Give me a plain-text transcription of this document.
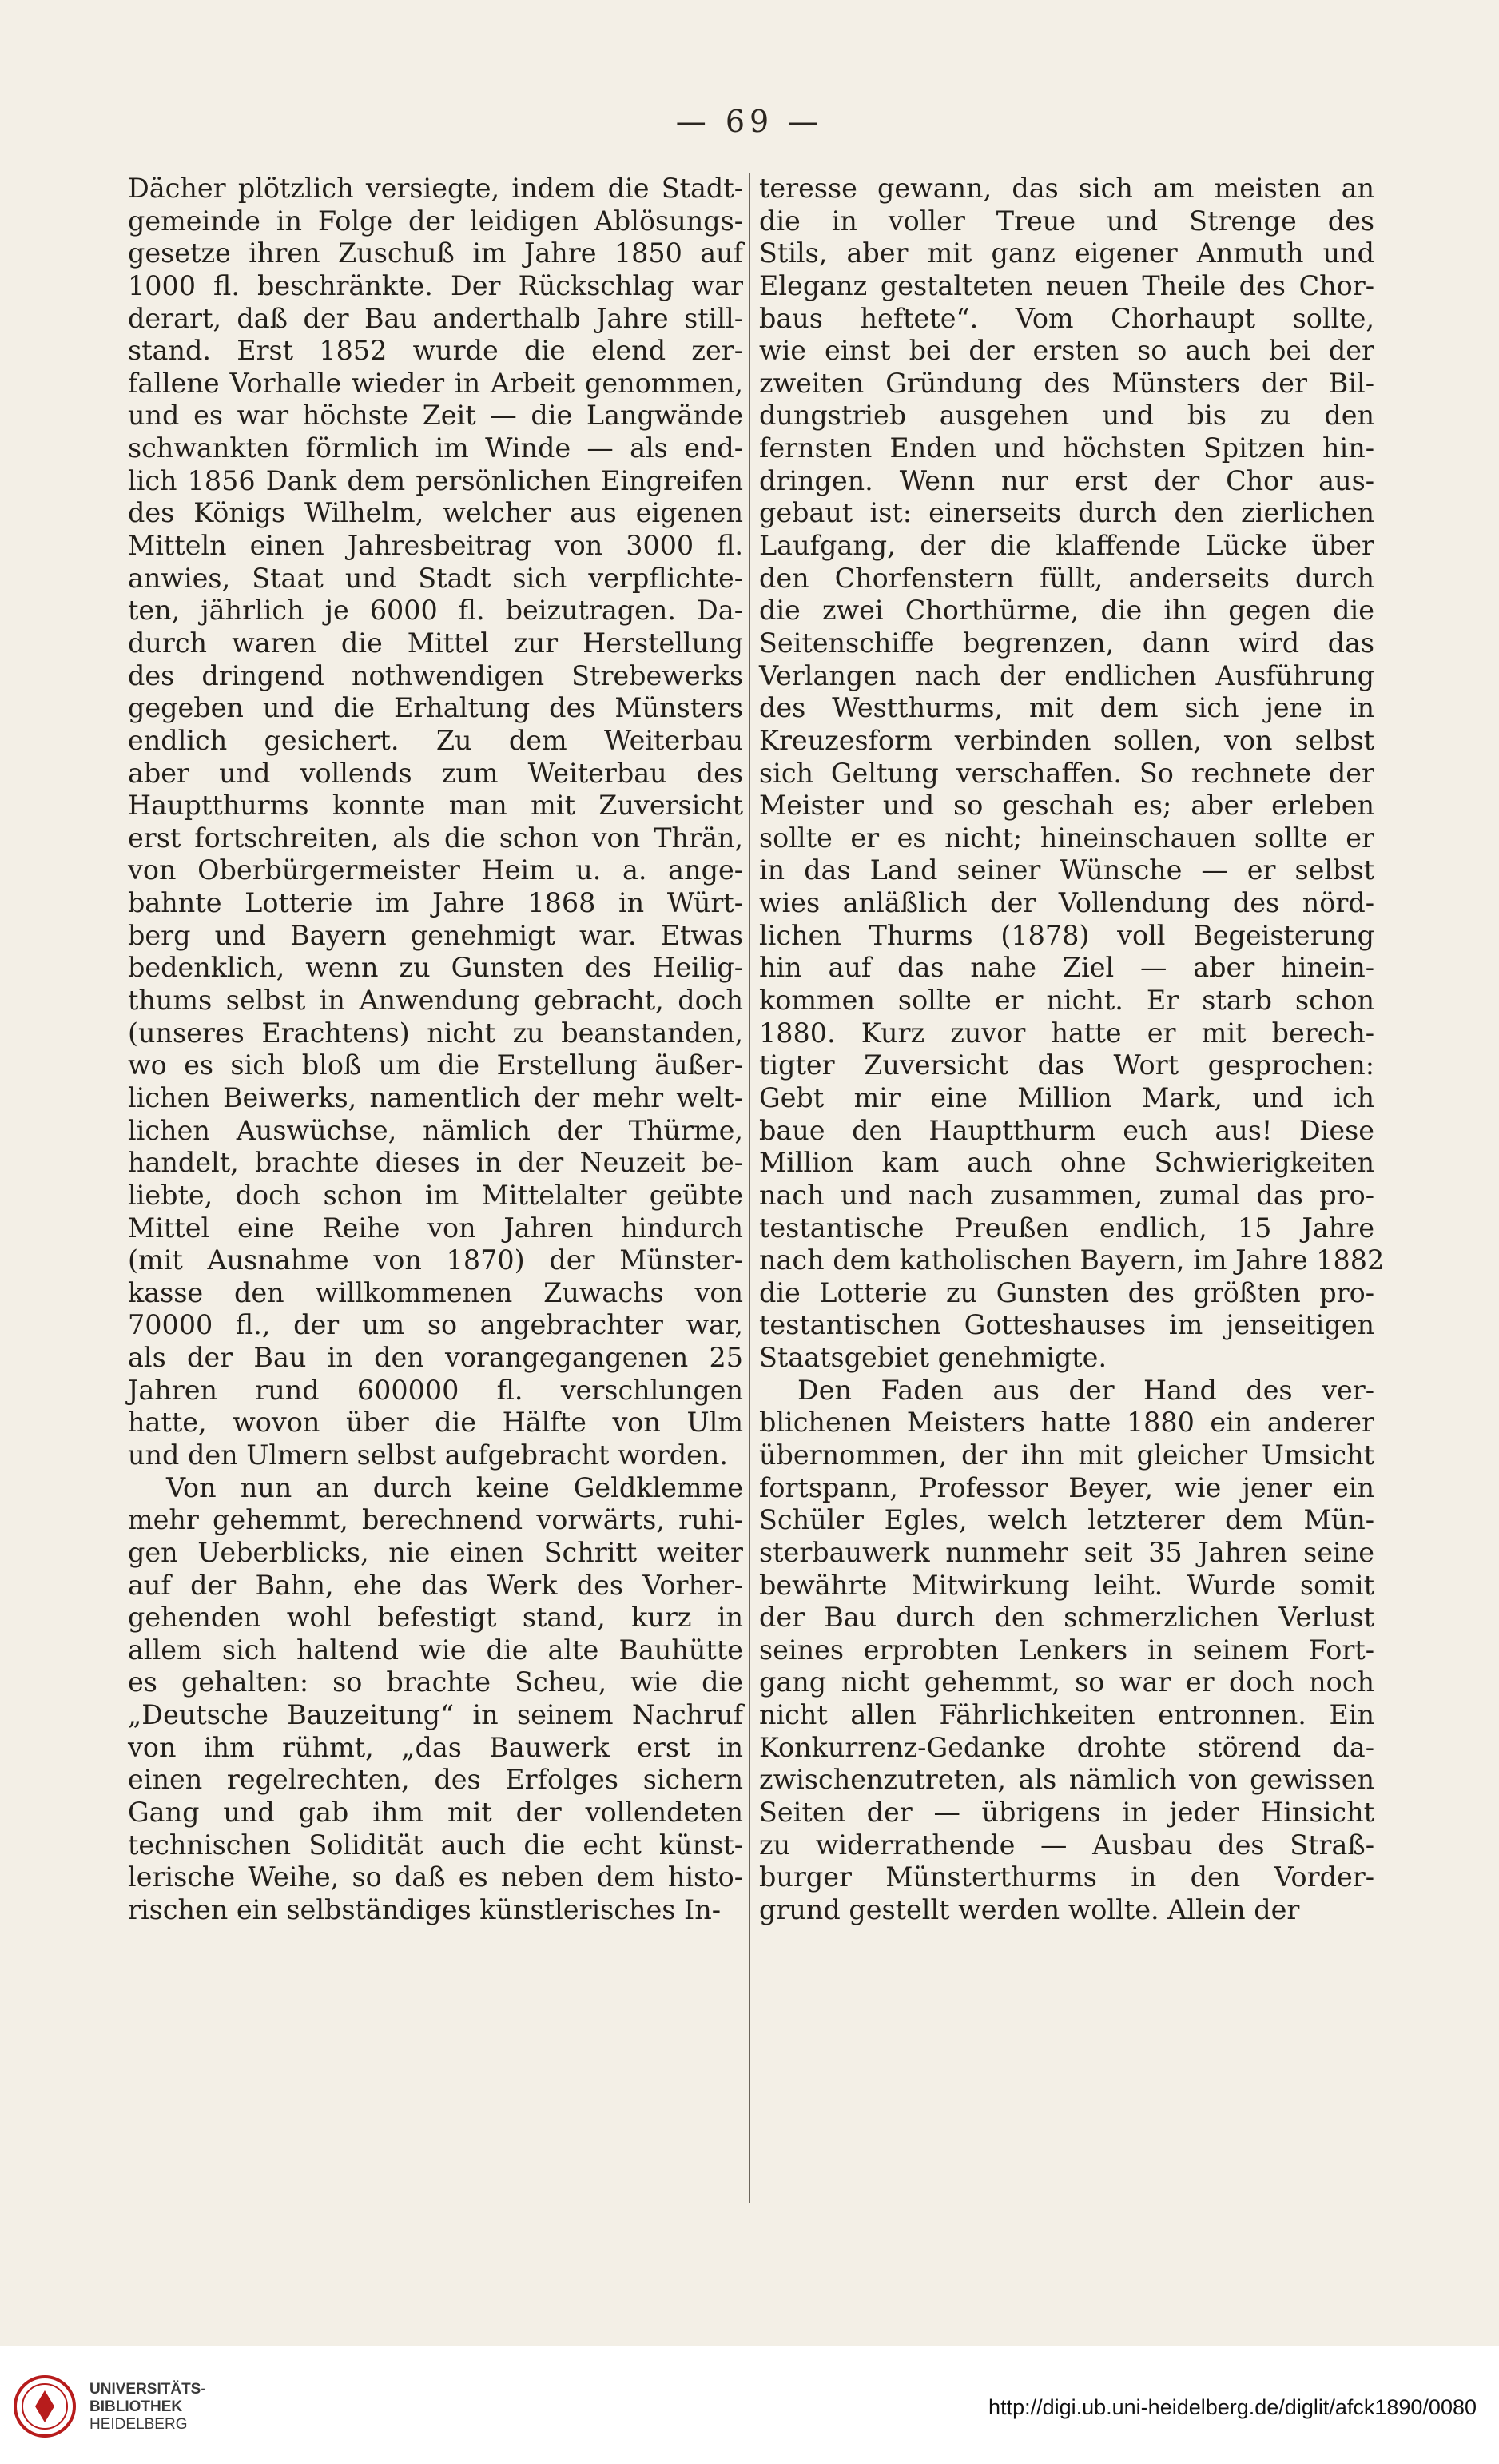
— 69 —
Dächer plötzlich versiegte, indem die Stadt-
gemeinde in Folge der leidigen Ablösungs-
gesetze ihren Zuschuß im Jahre 1850 auf
1000 fl. beschränkte. Der Rückschlag war
derart, daß der Bau anderthalb Jahre still-
stand. Erst 1852 wurde die elend zer-
fallene Vorhalle wieder in Arbeit genommen,
und es war höchste Zeit — die Langwände
schwankten förmlich im Winde — als end-
lich 1856 Dank dem persönlichen Eingreifen
des Königs Wilhelm, welcher aus eigenen
Mitteln einen Jahresbeitrag von 3000 fl.
anwies, Staat und Stadt sich verpflichte-
ten, jährlich je 6000 fl. beizutragen. Da-
durch waren die Mittel zur Herstellung
des dringend nothwendigen Strebewerks
gegeben und die Erhaltung des Münsters
endlich gesichert. Zu dem Weiterbau
aber und vollends zum Weiterbau des
Hauptthurms konnte man mit Zuversicht
erst fortschreiten, als die schon von Thrän,
von Oberbürgermeister Heim u. a. ange-
bahnte Lotterie im Jahre 1868 in Würt-
berg und Bayern genehmigt war. Etwas
bedenklich, wenn zu Gunsten des Heilig-
thums selbst in Anwendung gebracht, doch
(unseres Erachtens) nicht zu beanstanden,
wo es sich bloß um die Erstellung äußer-
lichen Beiwerks, namentlich der mehr welt-
lichen Auswüchse, nämlich der Thürme,
handelt, brachte dieses in der Neuzeit be-
liebte, doch schon im Mittelalter geübte
Mittel eine Reihe von Jahren hindurch
(mit Ausnahme von 1870) der Münster-
kasse den willkommenen Zuwachs von
70000 fl., der um so angebrachter war,
als der Bau in den vorangegangenen 25
Jahren rund 600000 fl. verschlungen
hatte, wovon über die Hälfte von Ulm
und den Ulmern selbst aufgebracht worden.
Von nun an durch keine Geldklemme
mehr gehemmt, berechnend vorwärts, ruhi-
gen Ueberblicks, nie einen Schritt weiter
auf der Bahn, ehe das Werk des Vorher-
gehenden wohl befestigt stand, kurz in
allem sich haltend wie die alte Bauhütte
es gehalten: so brachte Scheu, wie die
„Deutsche Bauzeitung“ in seinem Nachruf
von ihm rühmt, „das Bauwerk erst in
einen regelrechten, des Erfolges sichern
Gang und gab ihm mit der vollendeten
technischen Solidität auch die echt künst-
lerische Weihe, so daß es neben dem histo-
rischen ein selbständiges künstlerisches In-
teresse gewann, das sich am meisten an
die in voller Treue und Strenge des
Stils, aber mit ganz eigener Anmuth und
Eleganz gestalteten neuen Theile des Chor-
baus heftete“. Vom Chorhaupt sollte,
wie einst bei der ersten so auch bei der
zweiten Gründung des Münsters der Bil-
dungstrieb ausgehen und bis zu den
fernsten Enden und höchsten Spitzen hin-
dringen. Wenn nur erst der Chor aus-
gebaut ist: einerseits durch den zierlichen
Laufgang, der die klaffende Lücke über
den Chorfenstern füllt, anderseits durch
die zwei Chorthürme, die ihn gegen die
Seitenschiffe begrenzen, dann wird das
Verlangen nach der endlichen Ausführung
des Westthurms, mit dem sich jene in
Kreuzesform verbinden sollen, von selbst
sich Geltung verschaffen. So rechnete der
Meister und so geschah es; aber erleben
sollte er es nicht; hineinschauen sollte er
in das Land seiner Wünsche — er selbst
wies anläßlich der Vollendung des nörd-
lichen Thurms (1878) voll Begeisterung
hin auf das nahe Ziel — aber hinein-
kommen sollte er nicht. Er starb schon
1880. Kurz zuvor hatte er mit berech-
tigter Zuversicht das Wort gesprochen:
Gebt mir eine Million Mark, und ich
baue den Hauptthurm euch aus! Diese
Million kam auch ohne Schwierigkeiten
nach und nach zusammen, zumal das pro-
testantische Preußen endlich, 15 Jahre
nach dem katholischen Bayern, im Jahre 1882
die Lotterie zu Gunsten des größten pro-
testantischen Gotteshauses im jenseitigen
Staatsgebiet genehmigte.
Den Faden aus der Hand des ver-
blichenen Meisters hatte 1880 ein anderer
übernommen, der ihn mit gleicher Umsicht
fortspann, Professor Beyer, wie jener ein
Schüler Egles, welch letzterer dem Mün-
sterbauwerk nunmehr seit 35 Jahren seine
bewährte Mitwirkung leiht. Wurde somit
der Bau durch den schmerzlichen Verlust
seines erprobten Lenkers in seinem Fort-
gang nicht gehemmt, so war er doch noch
nicht allen Fährlichkeiten entronnen. Ein
Konkurrenz-Gedanke drohte störend da-
zwischenzutreten, als nämlich von gewissen
Seiten der — übrigens in jeder Hinsicht
zu widerrathende — Ausbau des Straß-
burger Münsterthurms in den Vorder-
grund gestellt werden wollte. Allein der
UNIVERSITÄTS-
BIBLIOTHEK
HEIDELBERG
http://digi.ub.uni-heidelberg.de/diglit/afck1890/0080
